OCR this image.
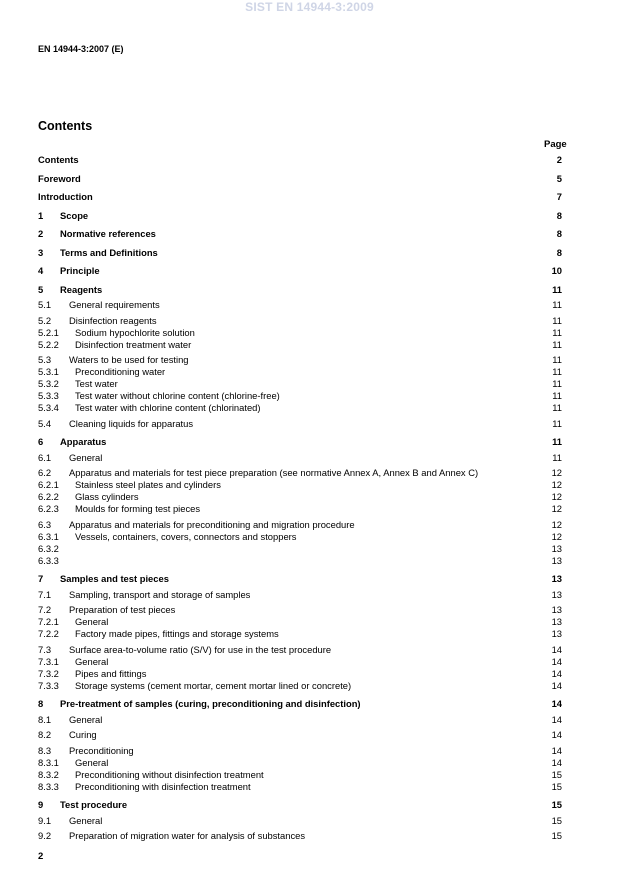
SIST EN 14944-3:2009
EN 14944-3:2007 (E)
Contents
Page
Contents	2
Foreword	5
Introduction	7
1 Scope	8
2 Normative references	8
3 Terms and Definitions	8
4 Principle	10
5 Reagents	11
5.1 General requirements	11
5.2 Disinfection reagents	11
5.2.1 Sodium hypochlorite solution	11
5.2.2 Disinfection treatment water	11
5.3 Waters to be used for testing	11
5.3.1 Preconditioning water	11
5.3.2 Test water	11
5.3.3 Test water without chlorine content (chlorine-free)	11
5.3.4 Test water with chlorine content (chlorinated)	11
5.4 Cleaning liquids for apparatus	11
6 Apparatus	11
6.1 General	11
6.2 Apparatus and materials for test piece preparation (see normative Annex A, Annex B and Annex C)	12
6.2.1 Stainless steel plates and cylinders	12
6.2.2 Glass cylinders	12
6.2.3 Moulds for forming test pieces	12
6.3 Apparatus and materials for preconditioning and migration procedure	12
6.3.1 Vessels, containers, covers, connectors and stoppers	12
6.3.2	13
6.3.3	13
7 Samples and test pieces	13
7.1 Sampling, transport and storage of samples	13
7.2 Preparation of test pieces	13
7.2.1 General	13
7.2.2 Factory made pipes, fittings and storage systems	13
7.3 Surface area-to-volume ratio (S/V) for use in the test procedure	14
7.3.1 General	14
7.3.2 Pipes and fittings	14
7.3.3 Storage systems (cement mortar, cement mortar lined or concrete)	14
8 Pre-treatment of samples (curing, preconditioning and disinfection)	14
8.1 General	14
8.2 Curing	14
8.3 Preconditioning	14
8.3.1 General	14
8.3.2 Preconditioning without disinfection treatment	15
8.3.3 Preconditioning with disinfection treatment	15
9 Test procedure	15
9.1 General	15
9.2 Preparation of migration water for analysis of substances	15
2
